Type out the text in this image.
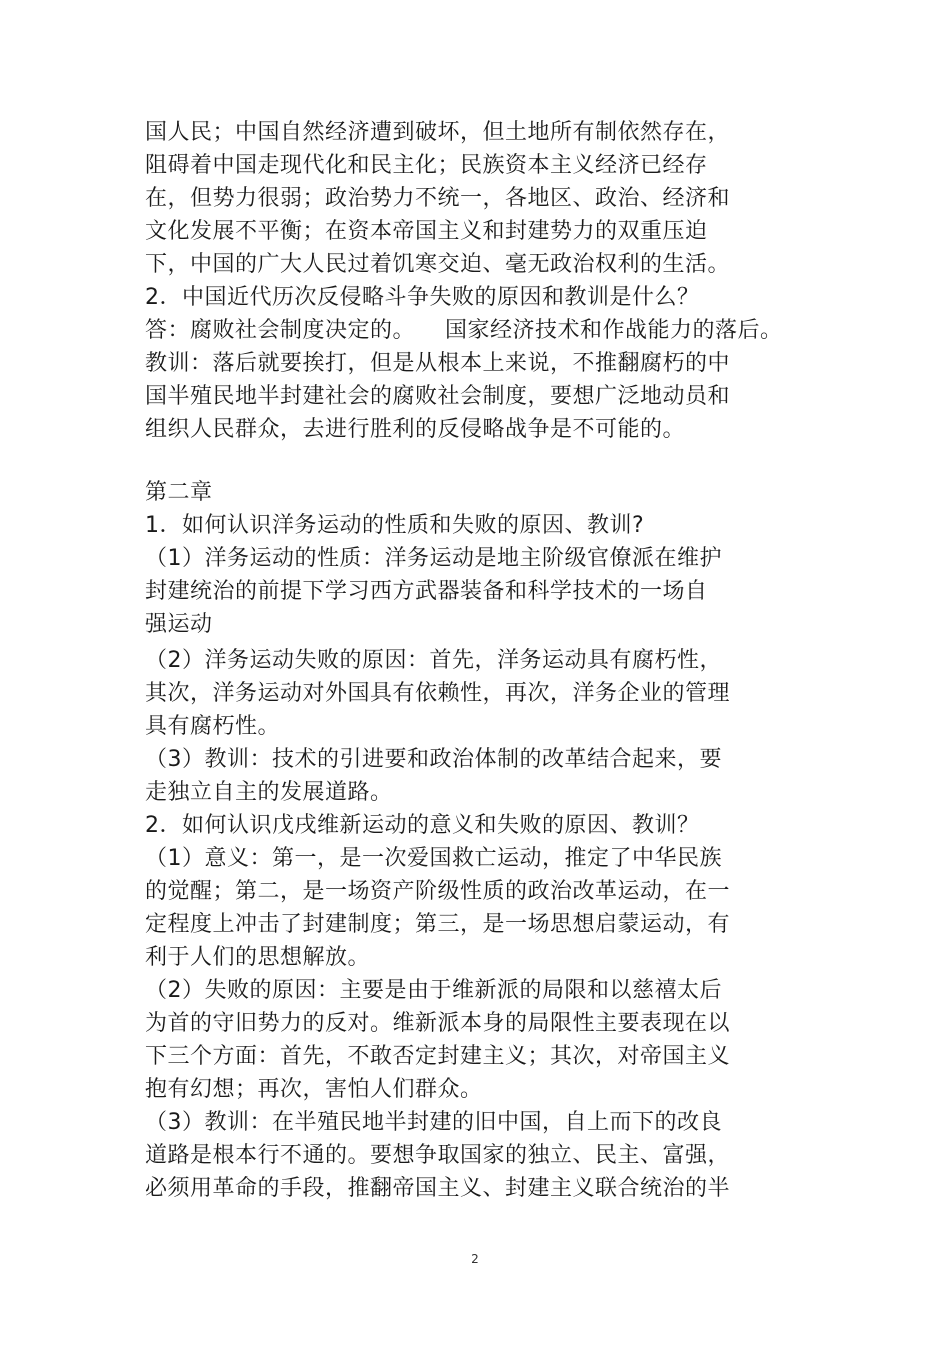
国人民；中国自然经济遭到破坏，但土地所有制依然存在，
阻碍着中国走现代化和民主化；民族资本主义经济已经存
在，但势力很弱；政治势力不统一，各地区、政治、经济和
文化发展不平衡；在资本帝国主义和封建势力的双重压迫
下，中国的广大人民过着饥寒交迫、毫无政治权利的生活。
2．中国近代历次反侵略斗争失败的原因和教训是什么？
答：腐败社会制度决定的。    国家经济技术和作战能力的落后。
教训：落后就要挨打，但是从根本上来说，不推翻腐朽的中
国半殖民地半封建社会的腐败社会制度，要想广泛地动员和
组织人民群众，去进行胜利的反侵略战争是不可能的。
第二章
1．如何认识洋务运动的性质和失败的原因、教训?
（1）洋务运动的性质：洋务运动是地主阶级官僚派在维护
封建统治的前提下学习西方武器装备和科学技术的一场自
强运动
（2）洋务运动失败的原因：首先，洋务运动具有腐朽性，
其次，洋务运动对外国具有依赖性，再次，洋务企业的管理
具有腐朽性。
（3）教训：技术的引进要和政治体制的改革结合起来，要
走独立自主的发展道路。
2．如何认识戊戌维新运动的意义和失败的原因、教训？
（1）意义：第一，是一次爱国救亡运动，推定了中华民族
的觉醒；第二，是一场资产阶级性质的政治改革运动，在一
定程度上冲击了封建制度；第三，是一场思想启蒙运动，有
利于人们的思想解放。
（2）失败的原因：主要是由于维新派的局限和以慈禧太后
为首的守旧势力的反对。维新派本身的局限性主要表现在以
下三个方面：首先，不敢否定封建主义；其次，对帝国主义
抱有幻想；再次，害怕人们群众。
（3）教训：在半殖民地半封建的旧中国，自上而下的改良
道路是根本行不通的。要想争取国家的独立、民主、富强，
必须用革命的手段，推翻帝国主义、封建主义联合统治的半
2
